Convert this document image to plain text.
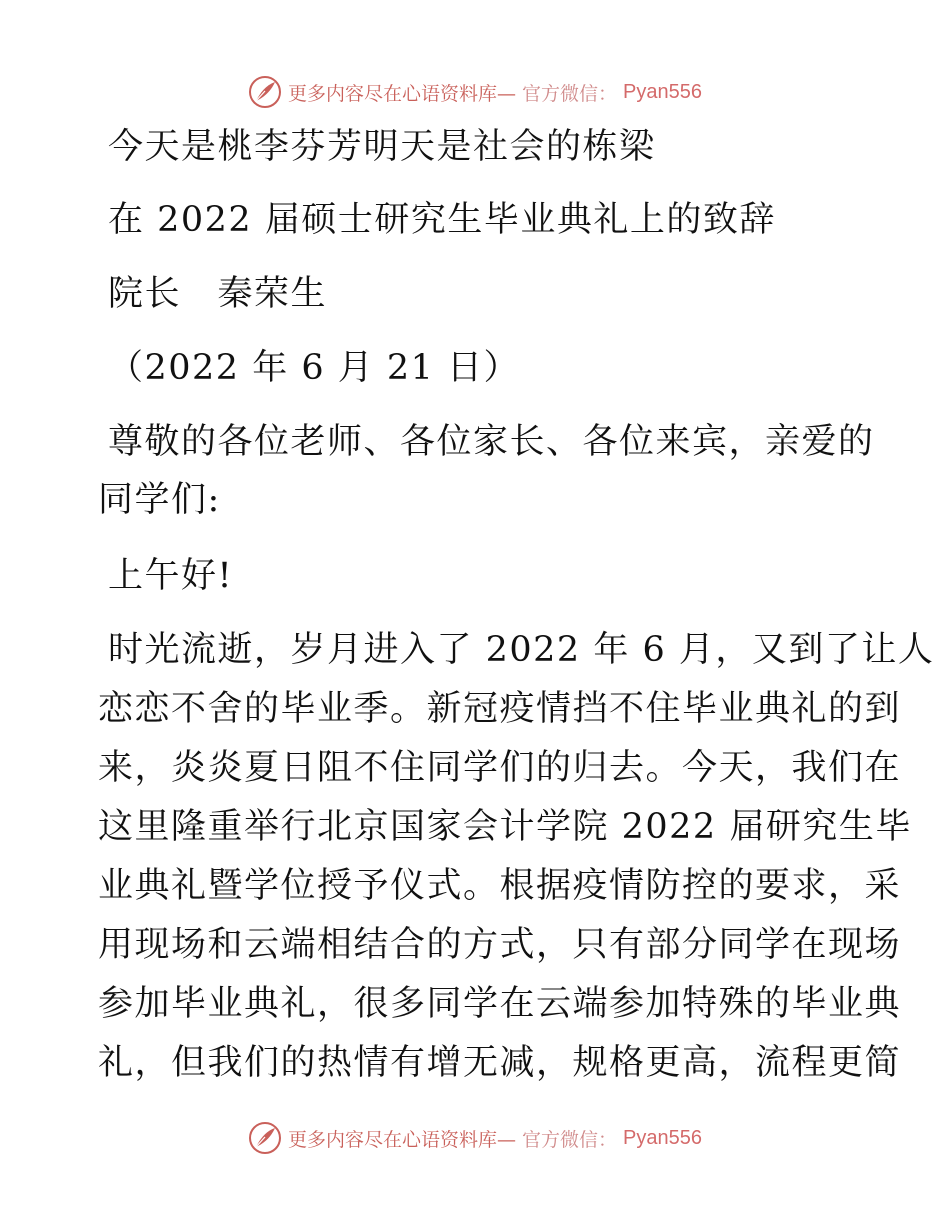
更多内容尽在心语资料库— 官方微信： Pyan556
今天是桃李芬芳明天是社会的栋梁
在 2022 届硕士研究生毕业典礼上的致辞
院长　秦荣生
（2022 年 6 月 21 日）
尊敬的各位老师、各位家长、各位来宾，亲爱的
同学们:
上午好!
时光流逝，岁月进入了 2022 年 6 月，又到了让人
恋恋不舍的毕业季。新冠疫情挡不住毕业典礼的到
来，炎炎夏日阻不住同学们的归去。今天，我们在
这里隆重举行北京国家会计学院 2022 届研究生毕
业典礼暨学位授予仪式。根据疫情防控的要求，采
用现场和云端相结合的方式，只有部分同学在现场
参加毕业典礼，很多同学在云端参加特殊的毕业典
礼，但我们的热情有增无减，规格更高，流程更简
更多内容尽在心语资料库— 官方微信： Pyan556
